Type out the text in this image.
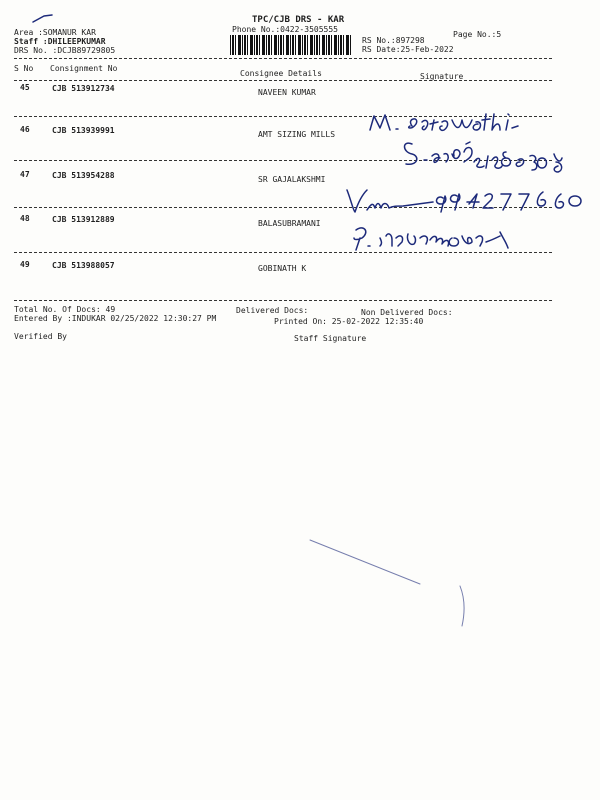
TPC/CJB DRS - KAR
Phone No.:0422-3505555
Page No.:5
Area :SOMANUR KAR
Staff :DHILEEPKUMAR
DRS No. :DCJB89729805
RS No.:897298
RS Date:25-Feb-2022
S No Consignment No
Consignee Details	Signature
45	CJB 513912734	NAVEEN KUMAR
46	CJB 513939991	AMT SIZING MILLS
47	CJB 513954288	SR GAJALAKSHMI
48	CJB 513912889	BALASUBRAMANI
49	CJB 513988057	GOBINATH K
Total No. Of Docs: 49	Delivered Docs:	Non Delivered Docs:
Entered By :INDUKAR 02/25/2022 12:30:27 PM	Printed On: 25-02-2022 12:35:40
Verified By	Staff Signature
